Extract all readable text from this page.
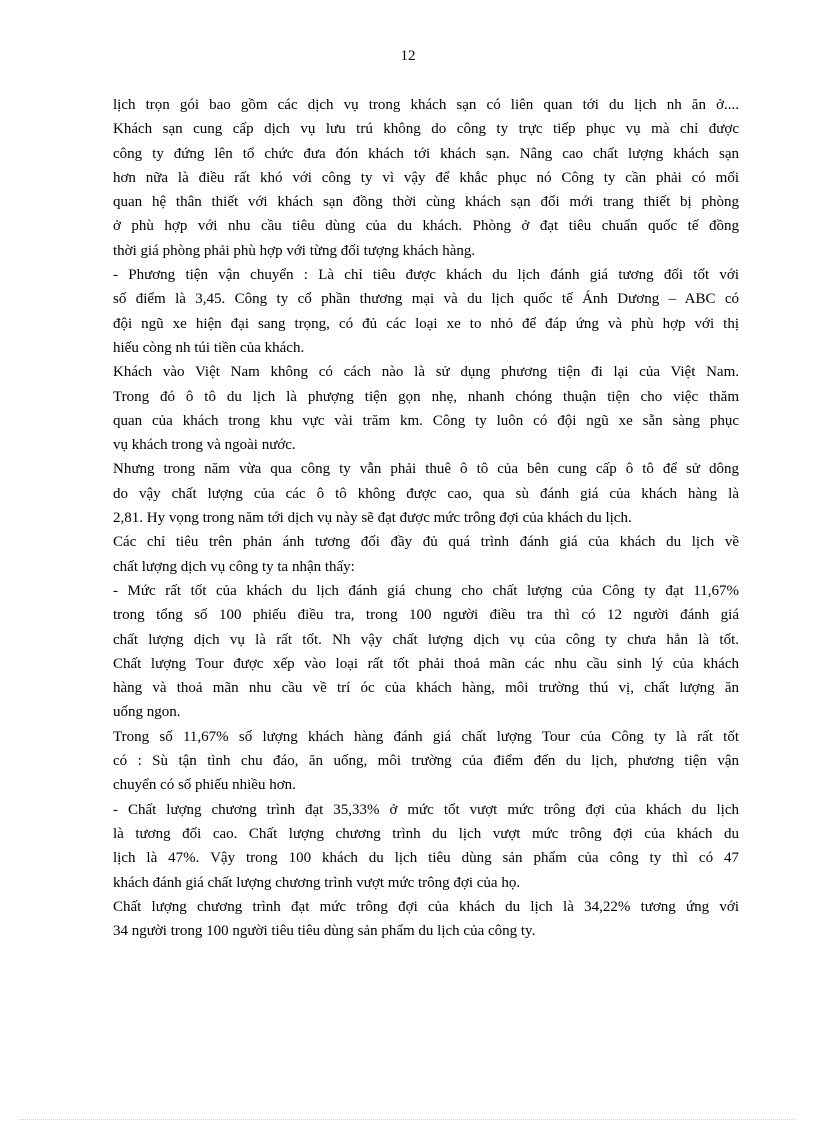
12

lịch trọn gói bao gồm các dịch vụ trong khách sạn có liên quan tới du lịch nh ăn ở....
Khách sạn cung cấp dịch vụ lưu trú không do công ty trực tiếp phục vụ mà chỉ được
công ty đứng lên tổ chức đưa đón khách tới khách sạn. Nâng cao chất lượng khách sạn
hơn nữa là điều rất khó với công ty vì vậy để khắc phục nó Công ty cần phải có mối
quan hệ thân thiết với khách sạn đồng thời cùng khách sạn đổi mới trang thiết bị phòng
ở phù hợp với nhu cầu tiêu dùng của du khách. Phòng ở đạt tiêu chuẩn quốc tế đồng
thời giá phòng phải phù hợp với từng đối tượng khách hàng.

- Phương tiện vận chuyển : Là chỉ tiêu được khách du lịch đánh giá tương đối tốt với
số điểm là 3,45. Công ty cổ phần thương mại và du lịch quốc tế Ánh Dương – ABC có
đội ngũ xe hiện đại sang trọng, có đủ các loại xe to nhỏ để đáp ứng và phù hợp với thị
hiếu còng nh túi tiền của khách.

Khách vào Việt Nam không có cách nào là sử dụng phương tiện đi lại của Việt Nam.
Trong đó ô tô du lịch là phượng tiện gọn nhẹ, nhanh chóng thuận tiện cho việc thăm
quan của khách trong khu vực vài trăm km. Công ty luôn có đội ngũ xe sẵn sàng phục
vụ khách trong và ngoài nước.

Nhưng trong năm vừa qua công ty vẫn phải thuê ô tô của bên cung cấp ô tô để sử dông
do vậy chất lượng của các ô tô không được cao, qua sù đánh giá của khách hàng là
2,81. Hy vọng trong năm tới dịch vụ này sẽ đạt được mức trông đợi của khách du lịch.

Các chỉ tiêu trên phản ánh tương đối đầy đủ quá trình đánh giá của khách du lịch về
chất lượng dịch vụ công ty ta nhận thấy:

- Mức rất tốt của khách du lịch đánh giá chung cho chất lượng của Công ty đạt 11,67%
trong tổng số 100 phiếu điều tra, trong 100 người điều tra thì có 12 người đánh giá
chất lượng dịch vụ là rất tốt. Nh vậy chất lượng dịch vụ của công ty chưa hẳn là tốt.
Chất lượng Tour được xếp vào loại rất tốt phải thoả mãn các nhu cầu sinh lý của khách
hàng và thoả mãn nhu cầu về trí óc của khách hàng, môi trường thú vị, chất lượng ăn
uống ngon.

Trong số 11,67% số lượng khách hàng đánh giá chất lượng Tour của Công ty là rất tốt
có : Sù tận tình chu đáo, ăn uống, môi trường của điểm đến du lịch, phương tiện vận
chuyển có số phiếu nhiều hơn.

- Chất lượng chương trình đạt 35,33% ở mức tốt vượt mức trông đợi của khách du lịch
là tương đối cao. Chất lượng chương trình du lịch vượt mức trông đợi của khách du
lịch là 47%. Vậy trong 100 khách du lịch tiêu dùng sản phẩm của công ty thì có 47
khách đánh giá chất lượng chương trình vượt mức trông đợi của họ.

Chất lượng chương trình đạt mức trông đợi của khách du lịch là 34,22% tương ứng với
34 người trong 100 người tiêu tiêu dùng sản phẩm du lịch của công ty.
